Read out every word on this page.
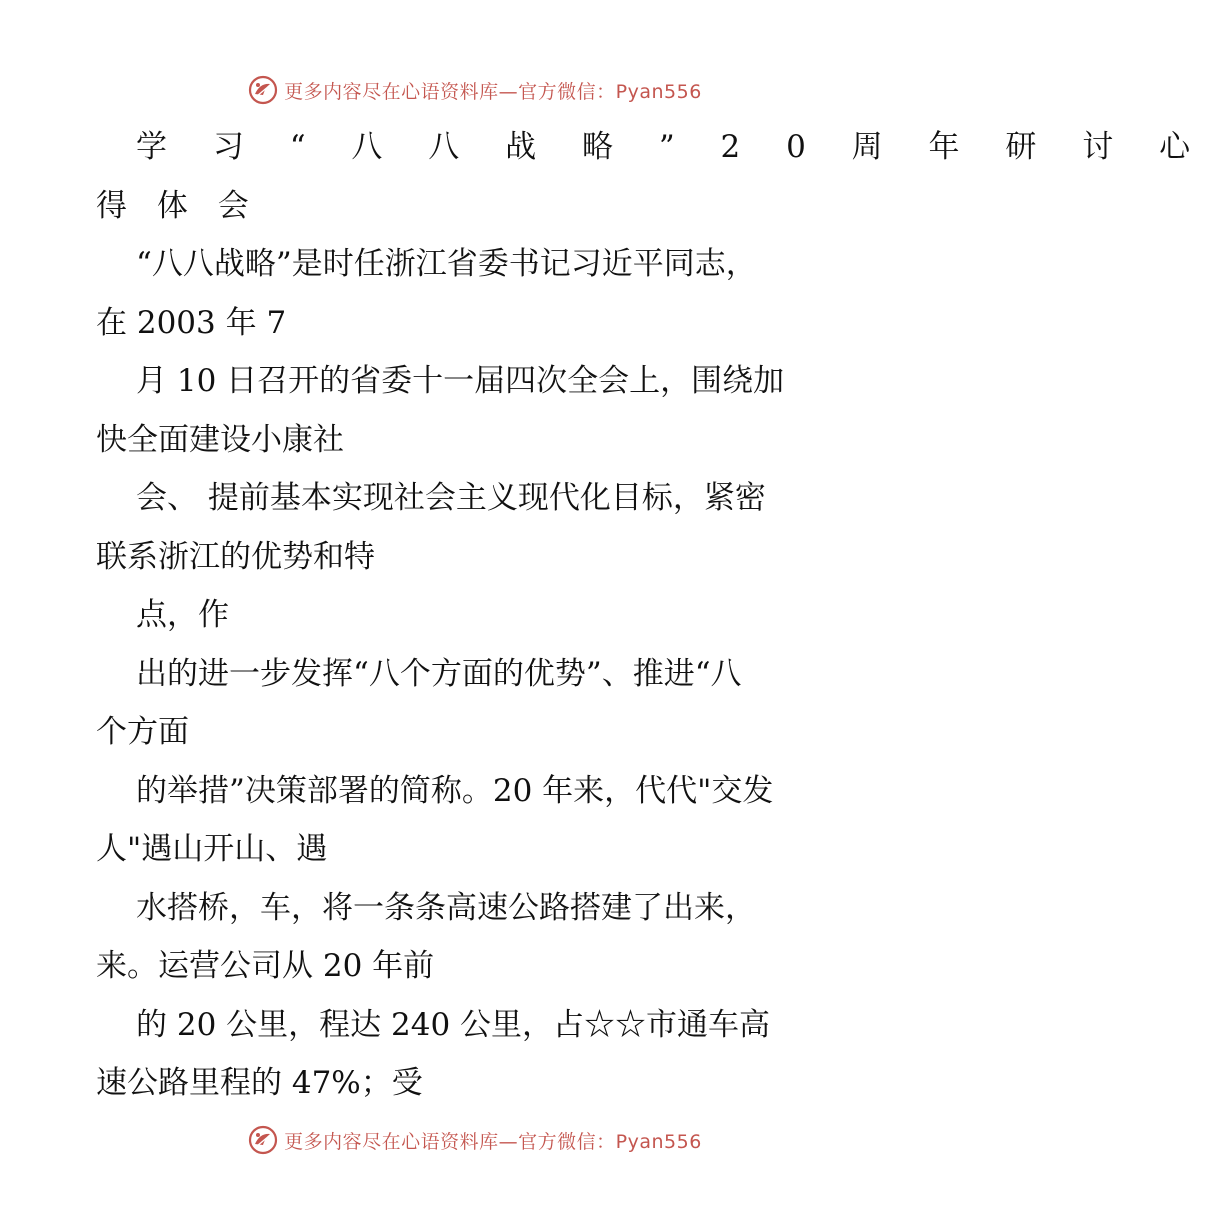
更多内容尽在心语资料库—官方微信：Pyan556
学 习 “ 八 八 战 略 ” 2 0 周 年 研 讨 心
得 体 会
“八八战略”是时任浙江省委书记习近平同志，
在 2003 年 7
月 10 日召开的省委十一届四次全会上，围绕加
快全面建设小康社
会、 提前基本实现社会主义现代化目标，紧密
联系浙江的优势和特
点，作
出的进一步发挥“八个方面的优势”、推进“八
个方面
的举措”决策部署的简称。20 年来，代代"交发
人"遇山开山、遇
水搭桥，车，将一条条高速公路搭建了出来，
来。运营公司从 20 年前
的 20 公里，程达 240 公里，占☆☆市通车高
速公路里程的 47%；受
更多内容尽在心语资料库—官方微信：Pyan556
